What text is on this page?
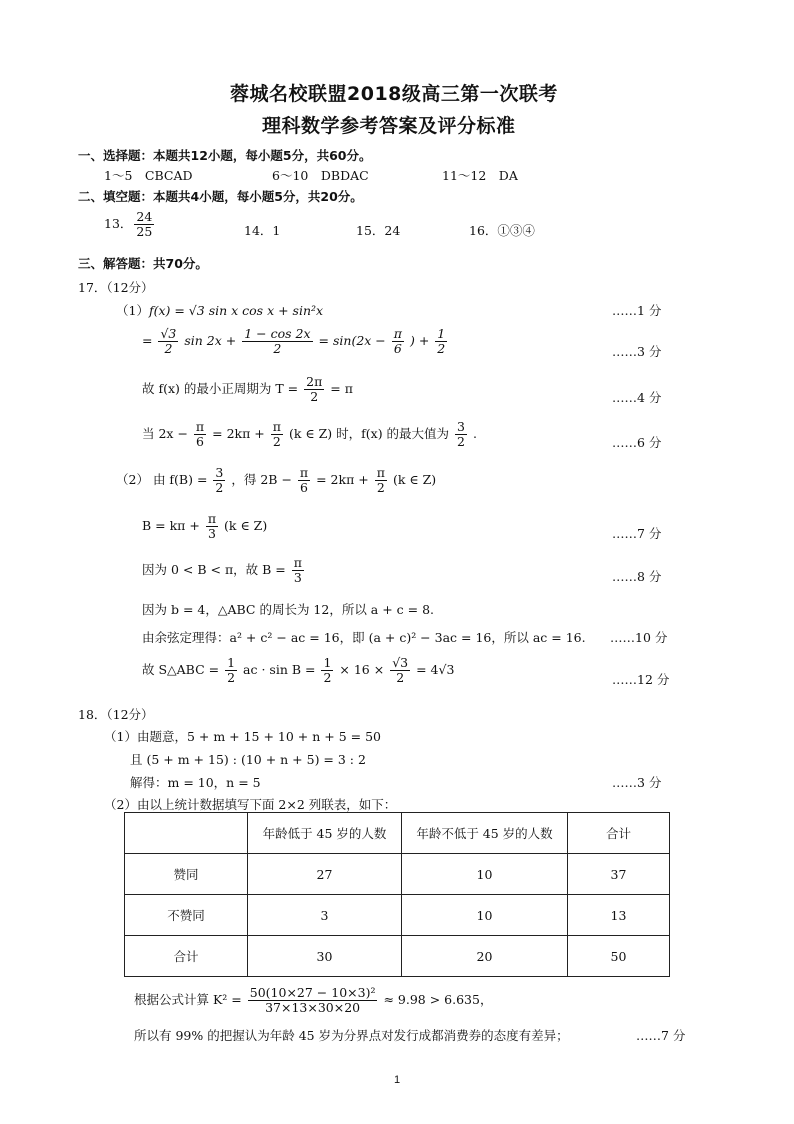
蓉城名校联盟2018级高三第一次联考
理科数学参考答案及评分标准
一、选择题：本题共12小题，每小题5分，共60分。
1～5　CBCAD	6～10　DBDAC	11～12　DA
二、填空题：本题共4小题，每小题5分，共20分。
13． $\frac{24}{25}$	14．1	15．24	16．①③④
三、解答题：共70分。
17．（12分）
（1）f(x) = √3 sin x cos x + sin²x	……1 分
= $\frac{√3}{2}$ $\sin 2x + \frac{1 - \cos 2x}{2} = \sin(2x - \frac{\pi}{6}$ ) + $\frac{1}{2}$	……3 分
故 f(x) 的最小正周期为 $T = \frac{2\pi}{2} = \pi$
……4 分
当 $2x - \frac{\pi}{6} = 2k\pi + \frac{\pi}{2} (k$ ∈ Z) 时，f(x) 的最大值为 $\frac{3}{2}$ .
……6 分
（2） 由 $f(B) = \frac{3}{2}$ ，得 $2B - \frac{\pi}{6} = 2k\pi + \frac{\pi}{2} (k$ ∈ Z)
$B = k\pi + \frac{\pi}{3} (k$ ∈ Z)
……7 分
因为 0 < B < π，故 $B = \frac{\pi}{3}$	……8 分
因为 b = 4，△ABC 的周长为 12，所以 a + c = 8.
由余弦定理得：a² + c² − ac = 16，即 (a + c)² − 3ac = 16，所以 ac = 16. ……10 分
故 S△ABC = $\frac{1}{2}$ ac · $\sin B = \frac{1}{2} \times 16 \times \frac{√3}{2} = 4√3$
……12 分
18．（12分）
（1）由题意，5 + m + 15 + 10 + n + 5 = 50
且 (5 + m + 15) : (10 + n + 5) = 3 : 2
解得：m = 10，n = 5	……3 分
（2）由以上统计数据填写下面 2×2 列联表，如下：
	年龄低于 45 岁的人数	年龄不低于 45 岁的人数	合计
赞同	27	10	37
不赞同	3	10	13
合计	30	20	50
根据公式计算 $K^2 = \frac{\text{50(10×27 − 10×3)²}}{37\times 13\times 30\times 20} \approx 9.98 > 6.635$，
所以有 99% 的把握认为年龄 45 岁为分界点对发行成都消费券的态度有差异；	……7 分
1
